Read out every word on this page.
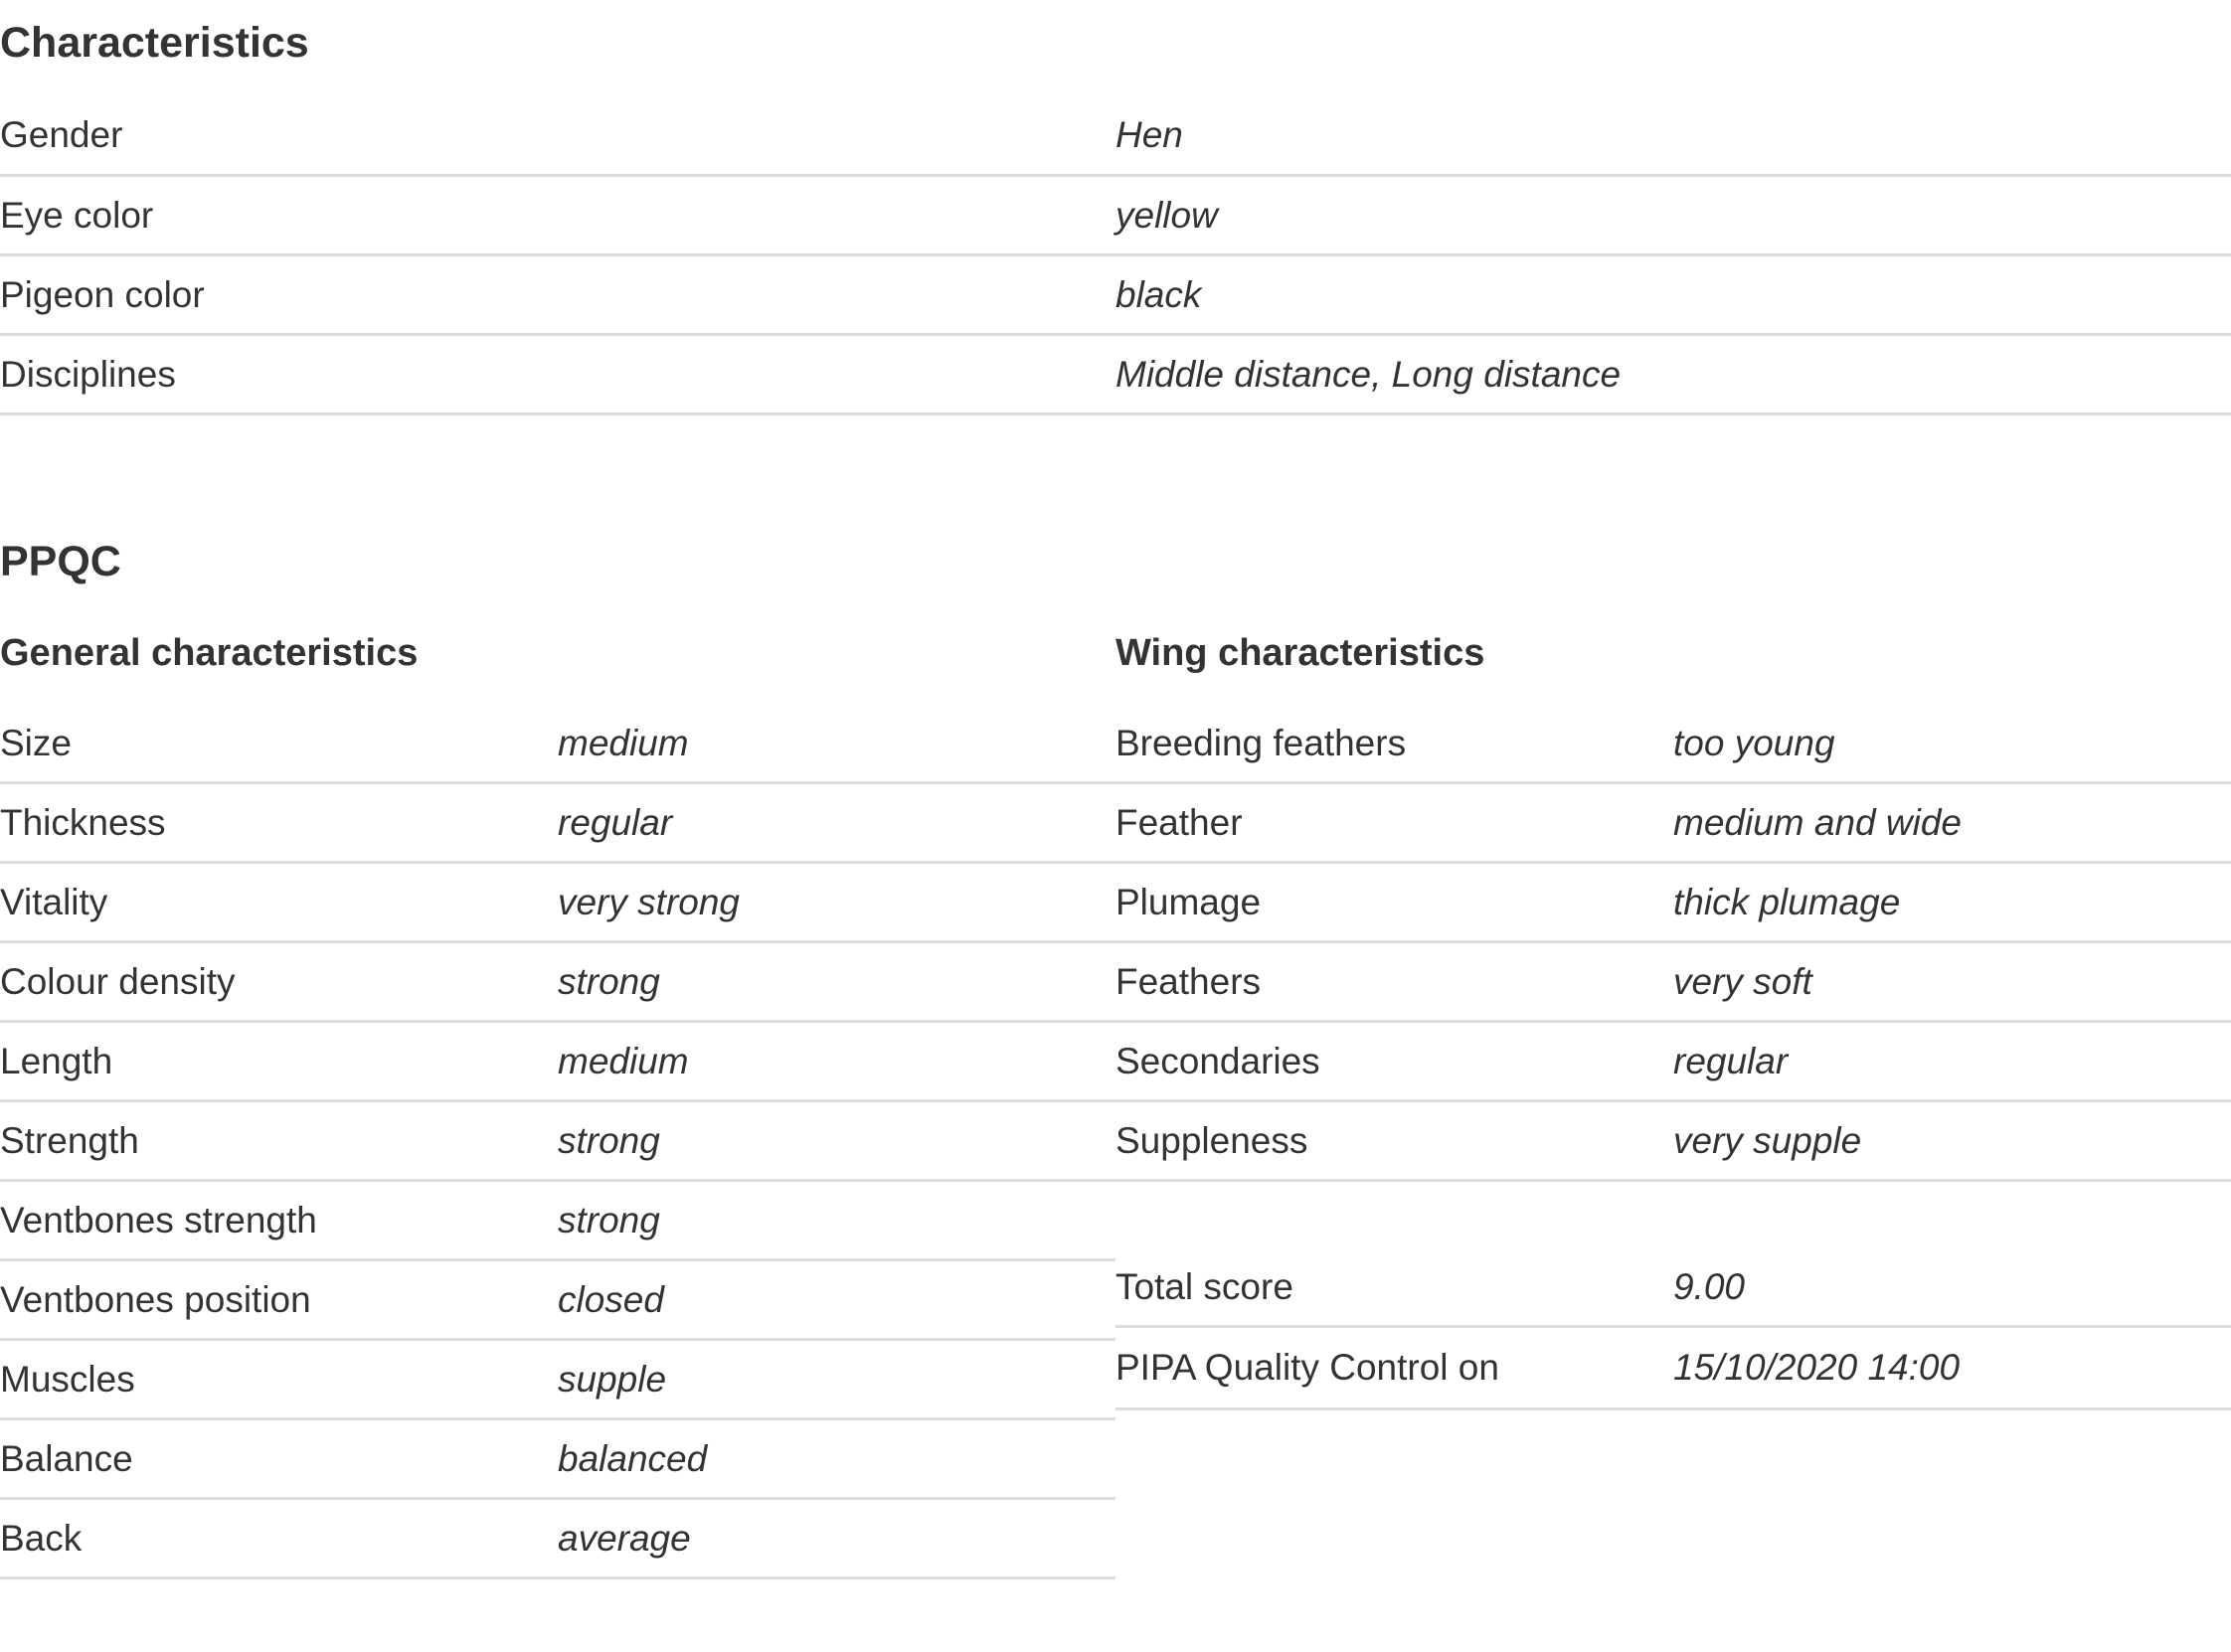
Characteristics
Gender	Hen
Eye color	yellow
Pigeon color	black
Disciplines	Middle distance, Long distance
PPQC
General characteristics	Wing characteristics
Size	medium
Thickness	regular
Vitality	very strong
Colour density	strong
Length	medium
Strength	strong
Ventbones strength	strong
Ventbones position	closed
Muscles	supple
Balance	balanced
Back	average
Breeding feathers	too young
Feather	medium and wide
Plumage	thick plumage
Feathers	very soft
Secondaries	regular
Suppleness	very supple
Total score	9.00
PIPA Quality Control on	15/10/2020 14:00
